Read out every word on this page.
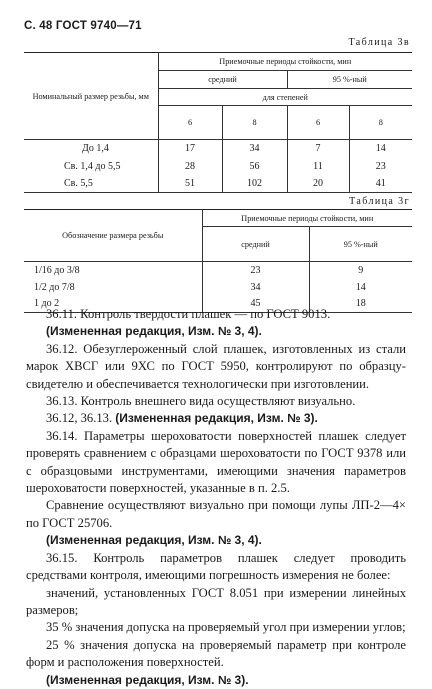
С. 48 ГОСТ 9740—71
Таблица 3в
Номинальный размер резьбы, мм	Приемочные периоды стойкости, мин			
	средний		95 %-ный	
	для степеней			
	6	8	6	8
До 1,4	17	34	7	14
Св. 1,4 до 5,5	28	56	11	23
Св. 5,5	51	102	20	41
Таблица 3г
Обозначение размера резьбы	Приемочные периоды стойкости, мин	
	средний	95 %-ный
1/16 до 3/8	23	9
1/2 до 7/8	34	14
1 до 2	45	18
36.11. Контроль твердости плашек — по ГОСТ 9013.
(Измененная редакция, Изм. № 3, 4).
36.12. Обезуглероженный слой плашек, изготовленных из стали марок ХВСГ или 9ХС по ГОСТ 5950, контролируют по образцу-свидетелю и обеспечивается технологически при изготовлении.
36.13. Контроль внешнего вида осуществляют визуально.
36.12, 36.13. (Измененная редакция, Изм. № 3).
36.14. Параметры шероховатости поверхностей плашек следует проверять сравнением с образцами шероховатости по ГОСТ 9378 или с образцовыми инструментами, имеющими значения параметров шероховатости поверхностей, указанные в п. 2.5.
Сравнение осуществляют визуально при помощи лупы ЛП-2—4× по ГОСТ 25706.
(Измененная редакция, Изм. № 3, 4).
36.15. Контроль параметров плашек следует проводить средствами контроля, имеющими погрешность измерения не более:
значений, установленных ГОСТ 8.051 при измерении линейных размеров;
35 % значения допуска на проверяемый угол при измерении углов;
25 % значения допуска на проверяемый параметр при контроле форм и расположения поверхностей.
(Измененная редакция, Изм. № 3).
